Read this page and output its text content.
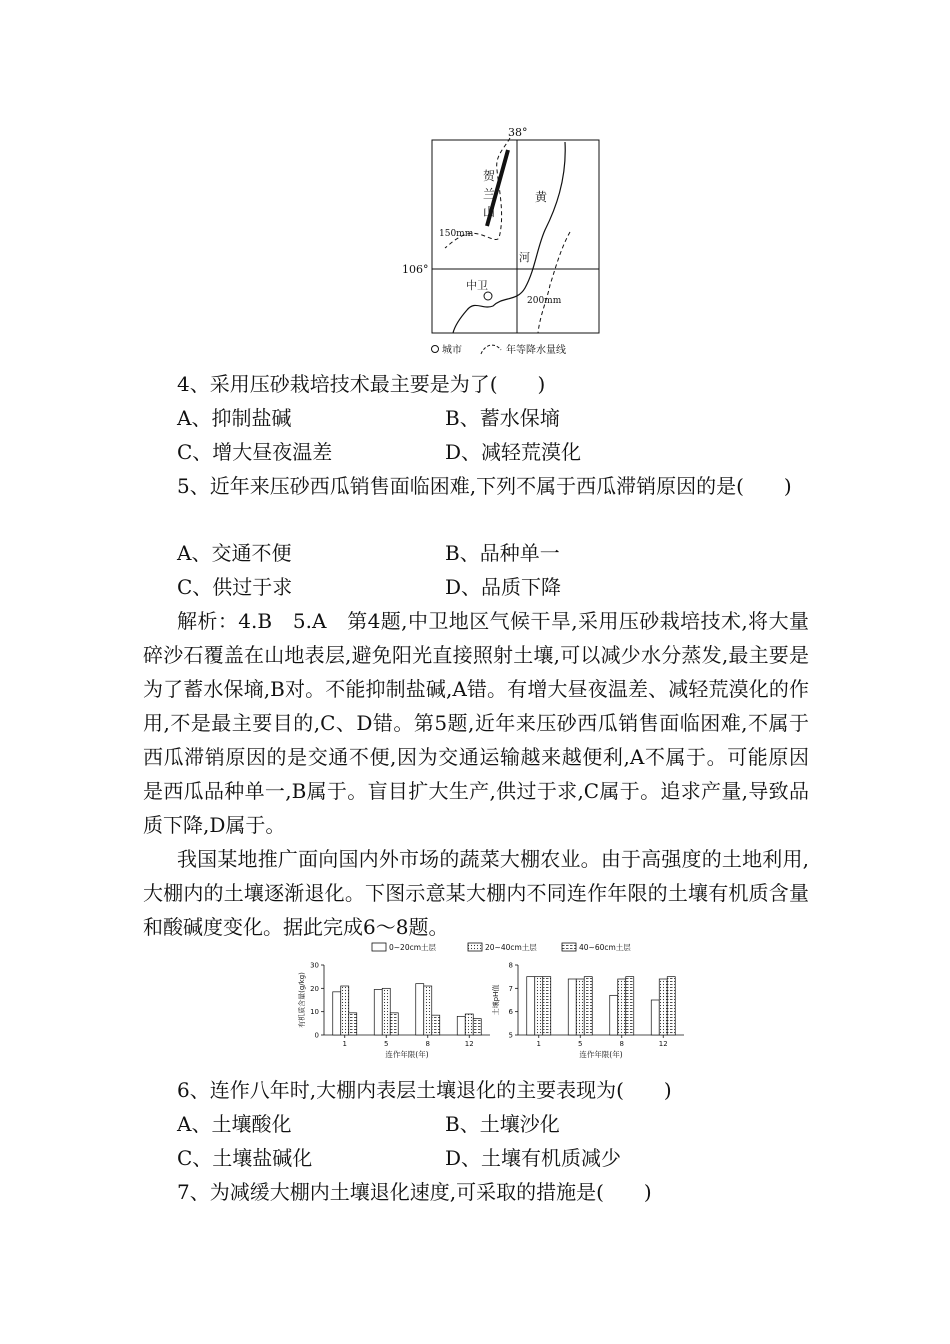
38°
106°
贺
兰
山
150mm
黄
河
中卫
200mm
城市	年等降水量线
4、采用压砂栽培技术最主要是为了(　　)
A、抑制盐碱	B、蓄水保墒
C、增大昼夜温差	D、减轻荒漠化
5、近年来压砂西瓜销售面临困难,下列不属于西瓜滞销原因的是(　　)
A、交通不便	B、品种单一
C、供过于求	D、品质下降
解析：4.B　5.A　第4题,中卫地区气候干旱,采用压砂栽培技术,将大量碎沙石覆盖在山地表层,避免阳光直接照射土壤,可以减少水分蒸发,最主要是为了蓄水保墒,B对。不能抑制盐碱,A错。有增大昼夜温差、减轻荒漠化的作用,不是最主要目的,C、D错。第5题,近年来压砂西瓜销售面临困难,不属于西瓜滞销原因的是交通不便,因为交通运输越来越便利,A不属于。可能原因是西瓜品种单一,B属于。盲目扩大生产,供过于求,C属于。追求产量,导致品质下降,D属于。
我国某地推广面向国内外市场的蔬菜大棚农业。由于高强度的土地利用,大棚内的土壤逐渐退化。下图示意某大棚内不同连作年限的土壤有机质含量和酸碱度变化。据此完成6～8题。
0~20cm土层	20~40cm土层	40~60cm土层
0
10
20
30
有机质含量(g/kg)
1	5	8	12
连作年限(年)
5
6
7
8
土壤pH值
1	5	8	12
连作年限(年)
6、连作八年时,大棚内表层土壤退化的主要表现为(　　)
A、土壤酸化	B、土壤沙化
C、土壤盐碱化	D、土壤有机质减少
7、为减缓大棚内土壤退化速度,可采取的措施是(　　)
